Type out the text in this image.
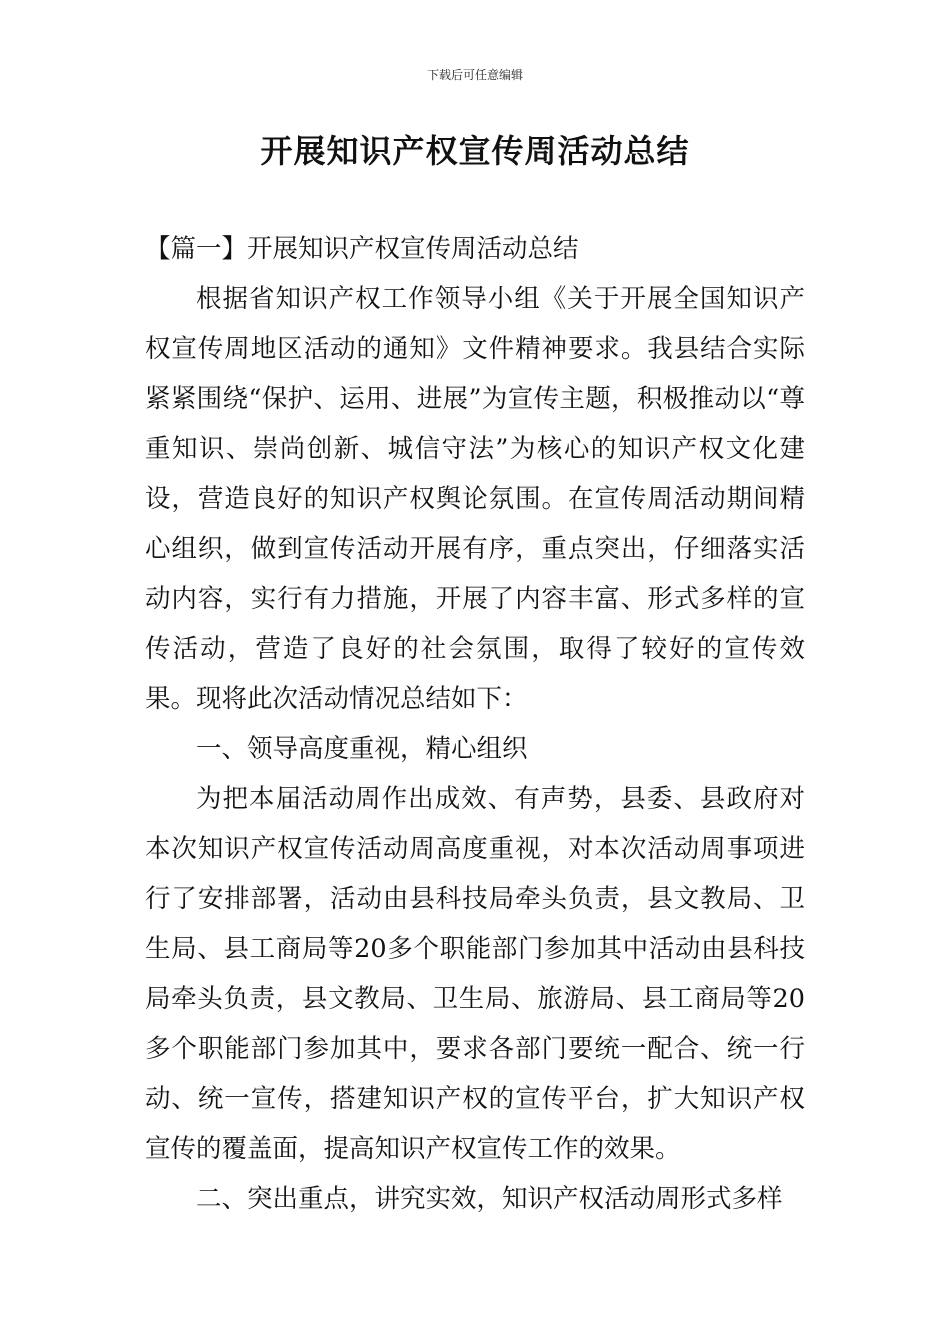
下载后可任意编辑
开展知识产权宣传周活动总结

【篇一】开展知识产权宣传周活动总结

根据省知识产权工作领导小组《关于开展全国知识产权宣传周地区活动的通知》文件精神要求。我县结合实际紧紧围绕“保护、运用、进展”为宣传主题，积极推动以“尊重知识、崇尚创新、城信守法”为核心的知识产权文化建设，营造良好的知识产权舆论氛围。在宣传周活动期间精心组织，做到宣传活动开展有序，重点突出，仔细落实活动内容，实行有力措施，开展了内容丰富、形式多样的宣传活动，营造了良好的社会氛围，取得了较好的宣传效果。现将此次活动情况总结如下：

一、领导高度重视，精心组织

为把本届活动周作出成效、有声势，县委、县政府对本次知识产权宣传活动周高度重视，对本次活动周事项进行了安排部署，活动由县科技局牵头负责，县文教局、卫生局、县工商局等20多个职能部门参加其中活动由县科技局牵头负责，县文教局、卫生局、旅游局、县工商局等20多个职能部门参加其中，要求各部门要统一配合、统一行动、统一宣传，搭建知识产权的宣传平台，扩大知识产权宣传的覆盖面，提高知识产权宣传工作的效果。

二、突出重点，讲究实效，知识产权活动周形式多样
